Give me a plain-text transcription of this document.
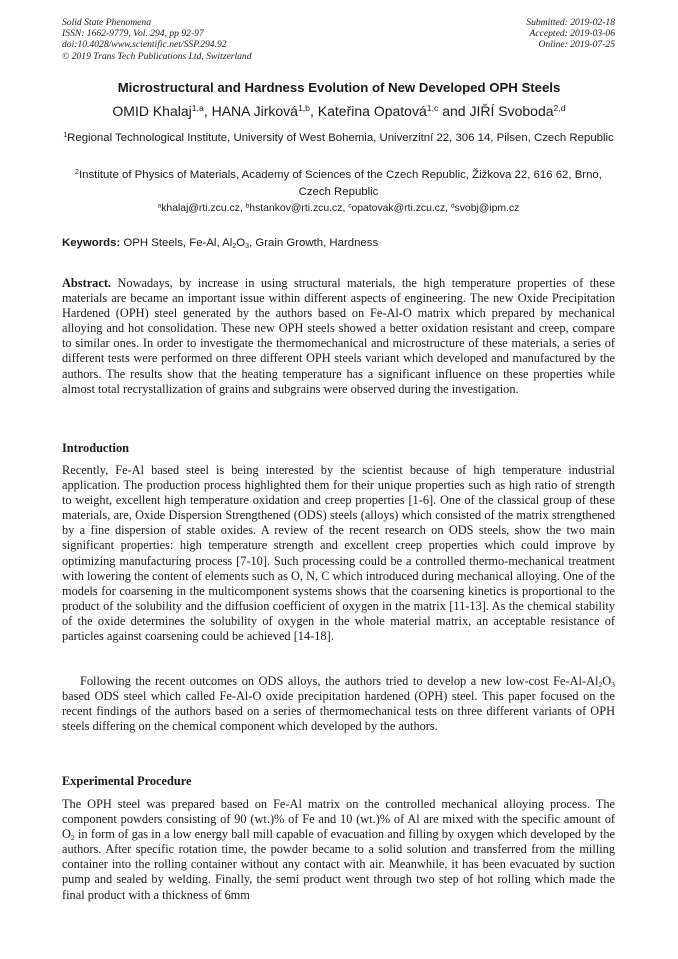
Solid State Phenomena
ISSN: 1662-9779, Vol. 294, pp 92-97
doi:10.4028/www.scientific.net/SSP.294.92
© 2019 Trans Tech Publications Ltd, Switzerland
Submitted: 2019-02-18
Accepted: 2019-03-06
Online: 2019-07-25
Microstructural and Hardness Evolution of New Developed OPH Steels
OMID Khalaj$^{1,a}$, HANA Jirková$^{1,b}$, Kateřina Opatová$^{1,c}$ and JIŘÍ Svoboda$^{2,d}$
$^1$Regional Technological Institute, University of West Bohemia, Univerzitní 22, 306 14, Pilsen, Czech Republic
$^2$Institute of Physics of Materials, Academy of Sciences of the Czech Republic, Žižkova 22, 616 62, Brno, Czech Republic
$^a$khalaj@rti.zcu.cz, $^b$hstankov@rti.zcu.cz, $^c$opatovak@rti.zcu.cz, $^d$svobj@ipm.cz
Keywords: OPH Steels, Fe-Al, $Al_2O_3$, Grain Growth, Hardness
Abstract. Nowadays, by increase in using structural materials, the high temperature properties of these materials are became an important issue within different aspects of engineering. The new Oxide Precipitation Hardened (OPH) steel generated by the authors based on Fe-Al-O matrix which prepared by mechanical alloying and hot consolidation. These new OPH steels showed a better oxidation resistant and creep, compare to similar ones. In order to investigate the thermomechanical and microstructure of these materials, a series of different tests were performed on three different OPH steels variant which developed and manufactured by the authors. The results show that the heating temperature has a significant influence on these properties while almost total recrystallization of grains and subgrains were observed during the investigation.
Introduction
Recently, Fe-Al based steel is being interested by the scientist because of high temperature industrial application. The production process highlighted them for their unique properties such as high ratio of strength to weight, excellent high temperature oxidation and creep properties [1-6]. One of the classical group of these materials, are, Oxide Dispersion Strengthened (ODS) steels (alloys) which consisted of the matrix strengthened by a fine dispersion of stable oxides. A review of the recent research on ODS steels, show the two main significant properties: high temperature strength and excellent creep properties which could improve by optimizing manufacturing process [7-10]. Such processing could be a controlled thermo-mechanical treatment with lowering the content of elements such as O, N, C which introduced during mechanical alloying. One of the models for coarsening in the multicomponent systems shows that the coarsening kinetics is proportional to the product of the solubility and the diffusion coefficient of oxygen in the matrix [11-13]. As the chemical stability of the oxide determines the solubility of oxygen in the whole material matrix, an acceptable resistance of particles against coarsening could be achieved [14-18].
Following the recent outcomes on ODS alloys, the authors tried to develop a new low-cost $Fe-Al-Al_2O_3$ based ODS steel which called Fe-Al-O oxide precipitation hardened (OPH) steel. This paper focused on the recent findings of the authors based on a series of thermomechanical tests on three different variants of OPH steels differing on the chemical component which developed by the authors.
Experimental Procedure
The OPH steel was prepared based on Fe-Al matrix on the controlled mechanical alloying process. The component powders consisting of 90 (wt.)% of Fe and 10 (wt.)% of Al are mixed with the specific amount of $O_2$ in form of gas in a low energy ball mill capable of evacuation and filling by oxygen which developed by the authors. After specific rotation time, the powder became to a solid solution and transferred from the milling container into the rolling container without any contact with air. Meanwhile, it has been evacuated by suction pump and sealed by welding. Finally, the semi product went through two step of hot rolling which made the final product with a thickness of 6mm
